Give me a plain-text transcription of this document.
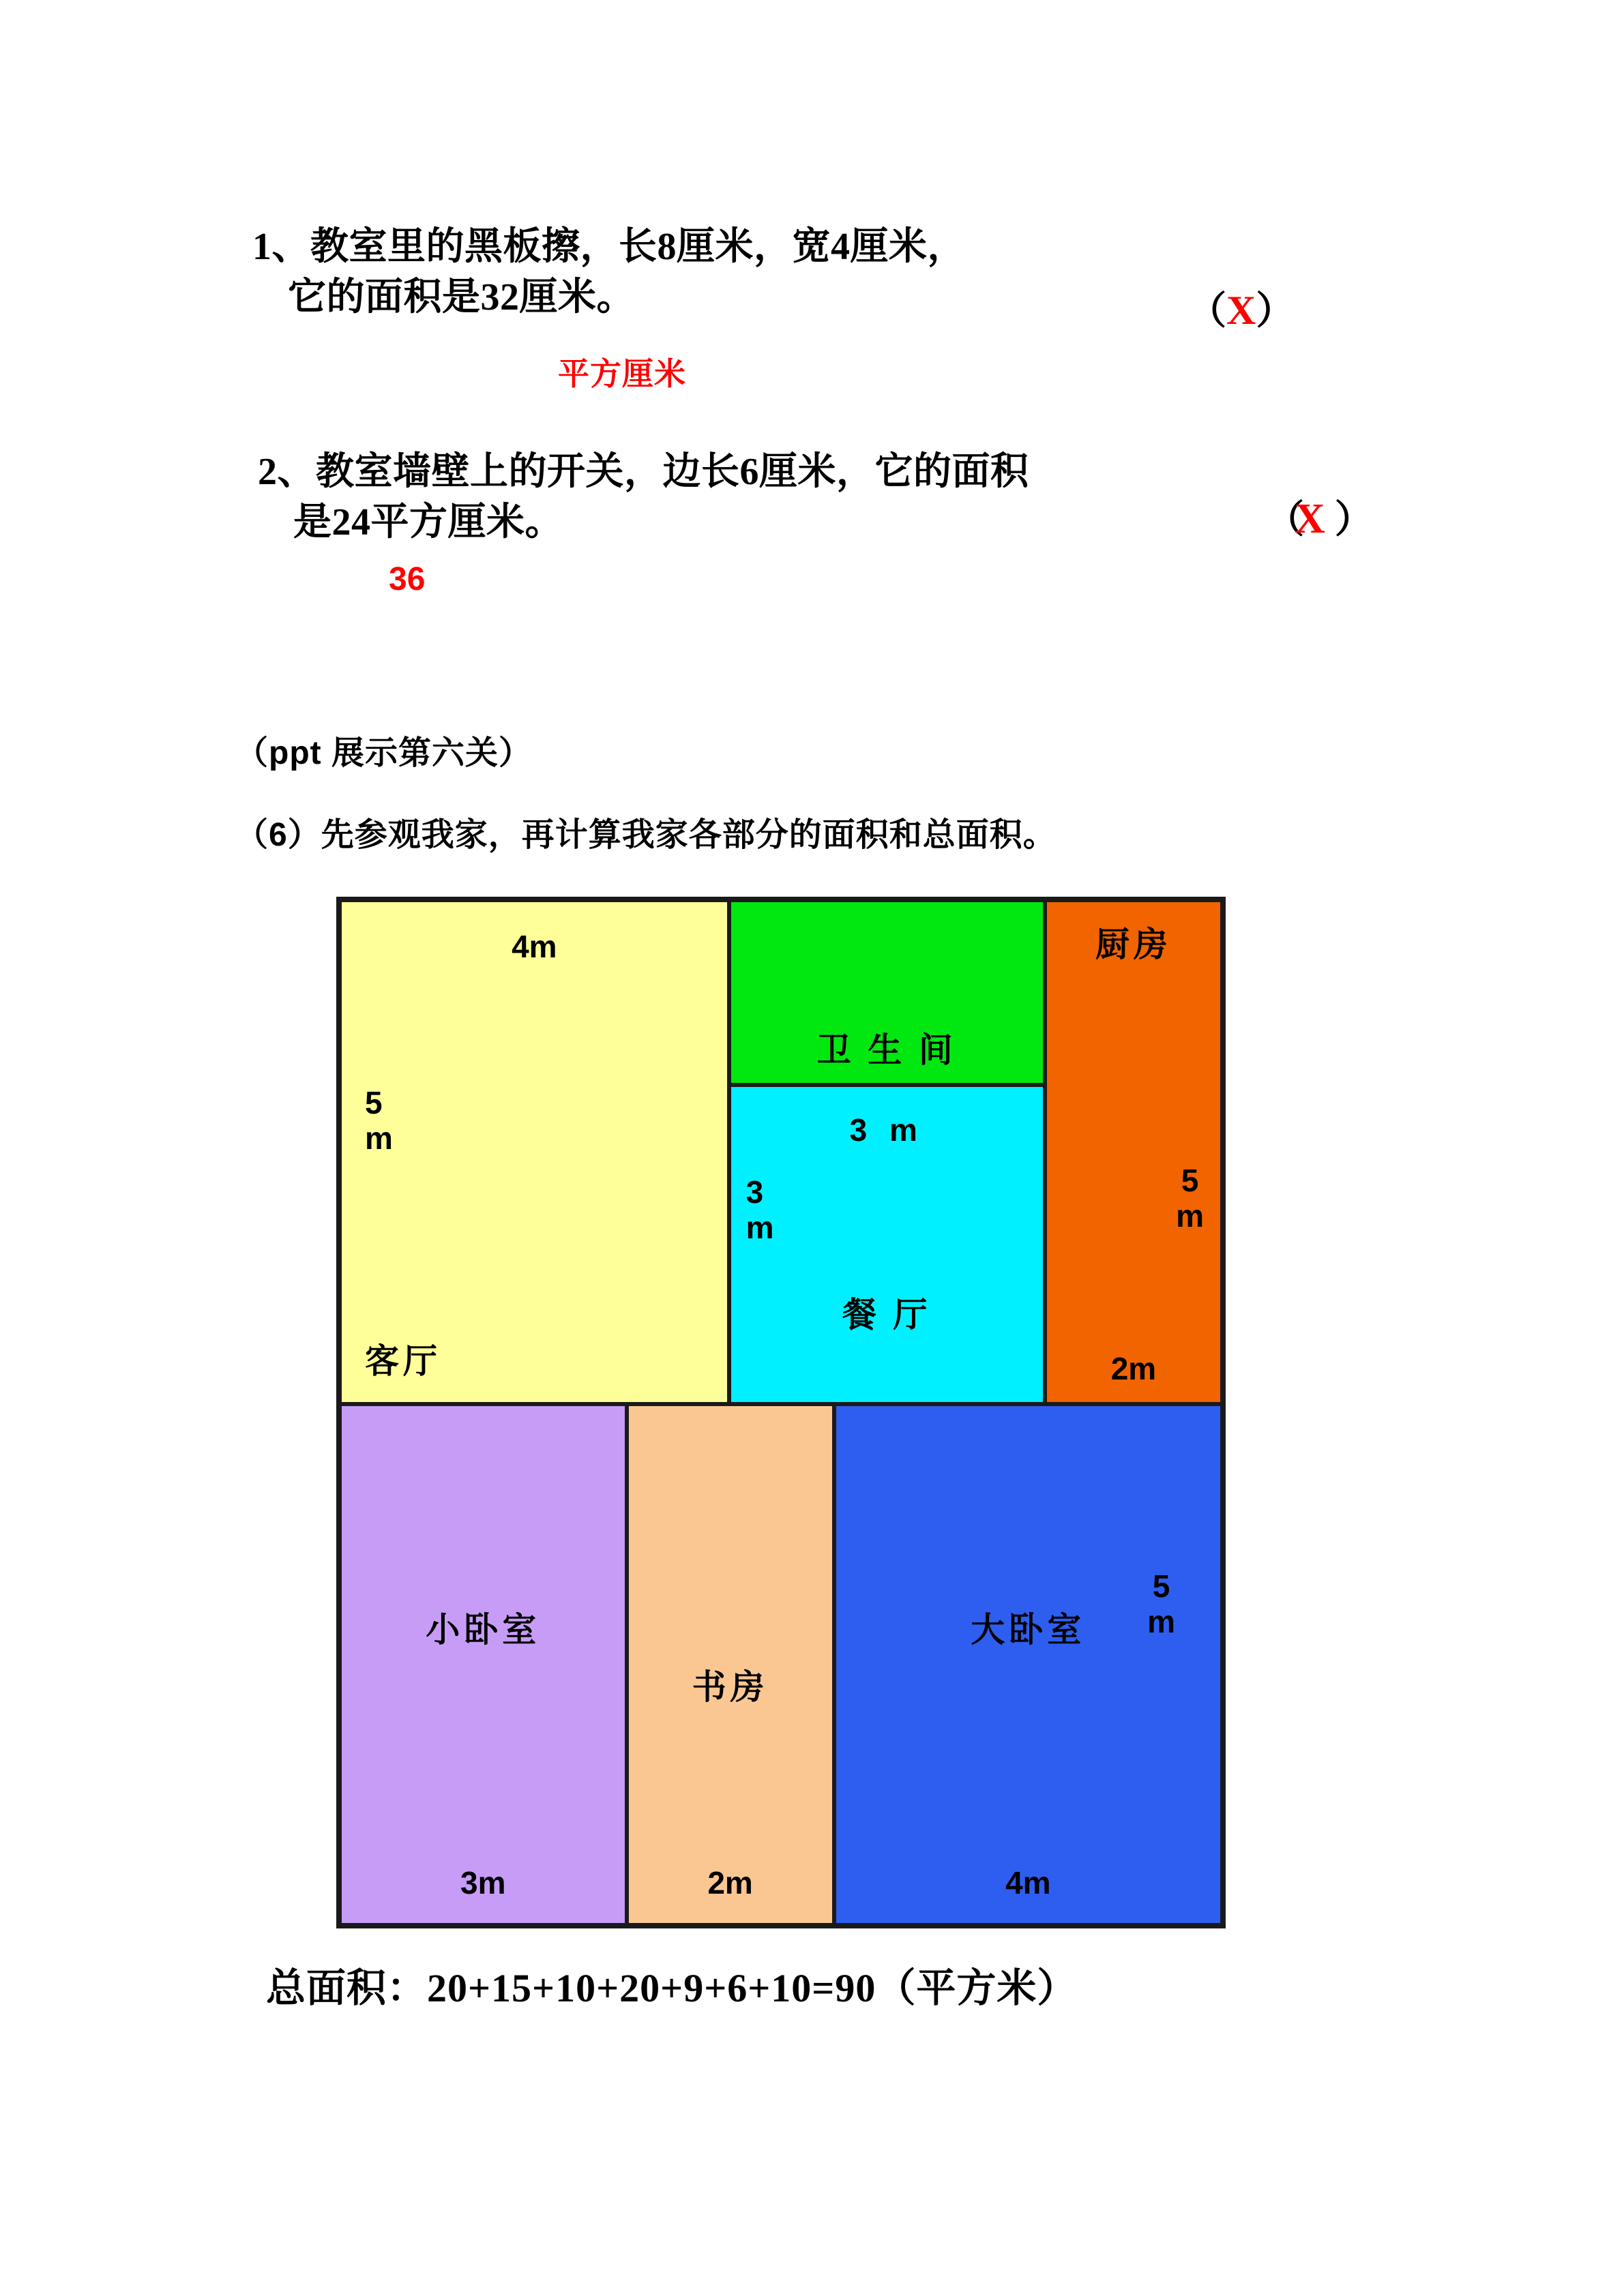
1、教室里的黑板擦，长8厘米，宽4厘米，
它的面积是32厘米。	（X）
平方厘米
2、教室墙壁上的开关，边长6厘米，它的面积
是24平方厘米。	（X ）
36
（ppt 展示第六关）
（6）先参观我家，再计算我家各部分的面积和总面积。
4m
5
m
客厅
卫 生 间
3 m
3
m
餐 厅
厨房
5
m
2m
小卧室
3m
书房
2m
大卧室
5
m
4m
总面积：20+15+10+20+9+6+10=90（平方米）
